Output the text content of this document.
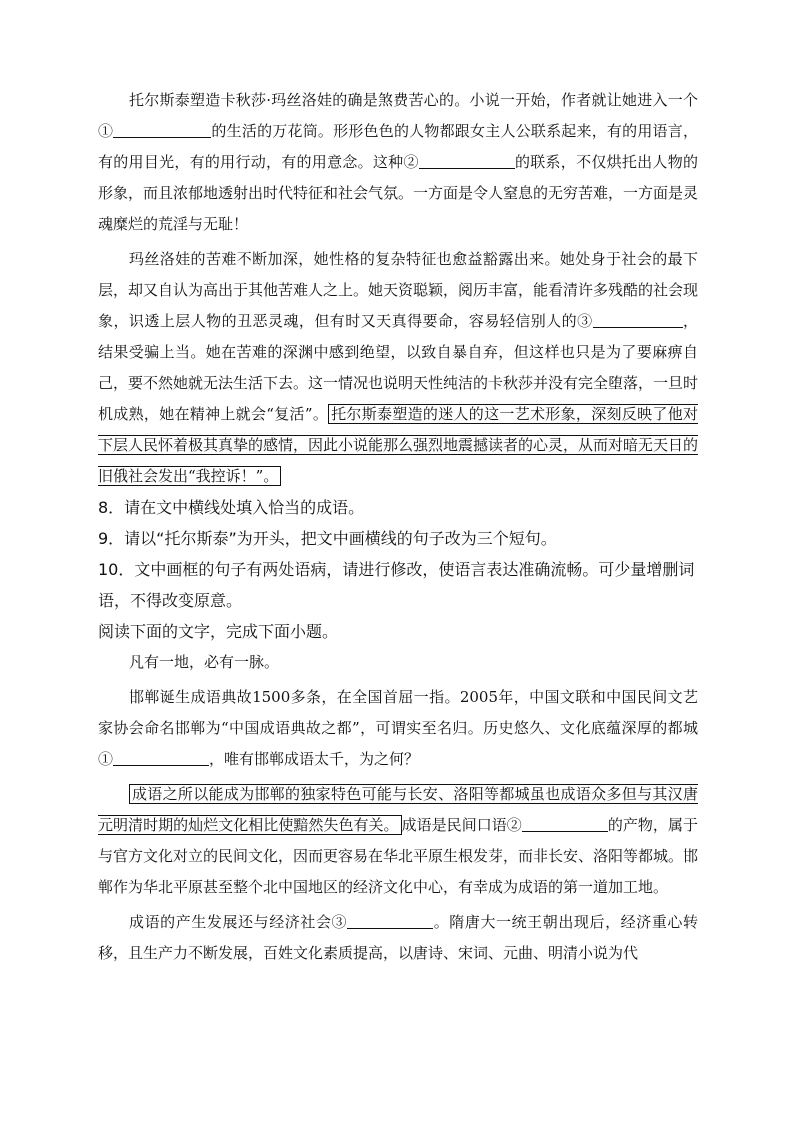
托尔斯泰塑造卡秋莎·玛丝洛娃的确是煞费苦心的。小说一开始，作者就让她进入一个①	的生活的万花筒。形形色色的人物都跟女主人公联系起来，有的用语言，有的用目光，有的用行动，有的用意念。这种②	的联系，不仅烘托出人物的形象，而且浓郁地透射出时代特征和社会气氛。一方面是令人窒息的无穷苦难，一方面是灵魂糜烂的荒淫与无耻！

玛丝洛娃的苦难不断加深，她性格的复杂特征也愈益豁露出来。她处身于社会的最下层，却又自认为高出于其他苦难人之上。她天资聪颖，阅历丰富，能看清许多残酷的社会现象，识透上层人物的丑恶灵魂，但有时又天真得要命，容易轻信别人的③	，结果受骗上当。她在苦难的深渊中感到绝望，以致自暴自弃，但这样也只是为了要麻痹自己，要不然她就无法生活下去。这一情况也说明天性纯洁的卡秋莎并没有完全堕落，一旦时机成熟，她在精神上就会“复活”。 托尔斯泰塑造的迷人的这一艺术形象，深刻反映了他对下层人民怀着极其真挚的感情，因此小说能那么强烈地震撼读者的心灵，从而对暗无天日的旧俄社会发出“我控诉！”。

8．请在文中横线处填入恰当的成语。

9．请以“托尔斯泰”为开头，把文中画横线的句子改为三个短句。

10．文中画框的句子有两处语病，请进行修改，使语言表达准确流畅。可少量增删词语，不得改变原意。

阅读下面的文字，完成下面小题。

凡有一地，必有一脉。

邯郸诞生成语典故1500多条，在全国首屈一指。2005年，中国文联和中国民间文艺家协会命名邯郸为“中国成语典故之都”，可谓实至名归。历史悠久、文化底蕴深厚的都城①	，唯有邯郸成语太千，为之何？

成语之所以能成为邯郸的独家特色可能与长安、洛阳等都城虽也成语众多但与其汉唐元明清时期的灿烂文化相比使黯然失色有关。 成语是民间口语②	的产物，属于与官方文化对立的民间文化，因而更容易在华北平原生根发芽，而非长安、洛阳等都城。邯郸作为华北平原甚至整个北中国地区的经济文化中心，有幸成为成语的第一道加工地。

成语的产生发展还与经济社会③	。隋唐大一统王朝出现后，经济重心转移，且生产力不断发展，百姓文化素质提高，以唐诗、宋词、元曲、明清小说为代
